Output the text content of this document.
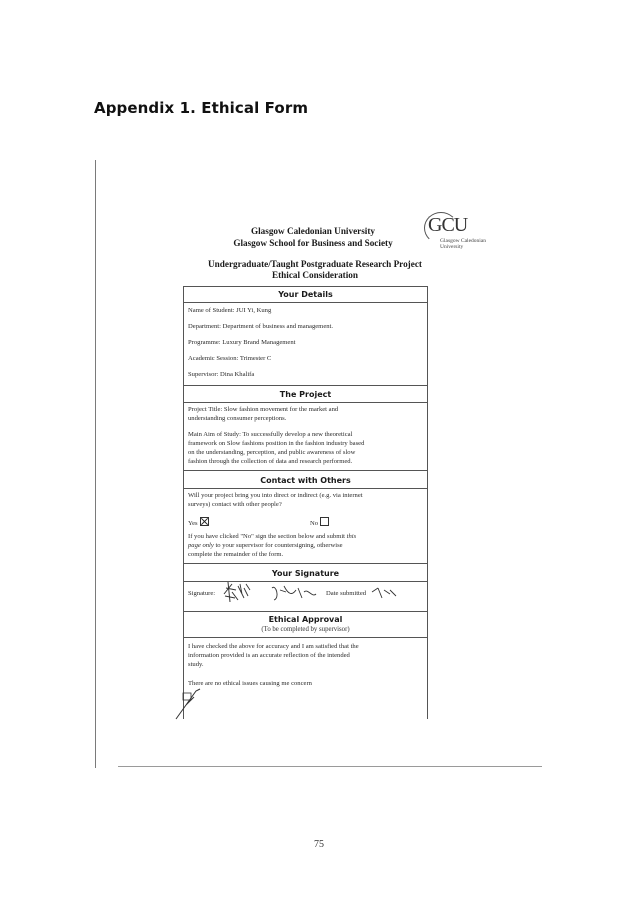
Appendix 1. Ethical Form
Glasgow Caledonian University
Glasgow School for Business and Society
GCU
Glasgow Caledonian
University
Undergraduate/Taught Postgraduate Research Project
Ethical Consideration
Your Details
Name of Student: JUI Yi, Kung
Department: Department of business and management.
Programme: Luxury Brand Management
Academic Session: Trimester C
Supervisor: Dina Khalifa
The Project
Project Title: Slow fashion movement for the market and
understanding consumer perceptions.
Main Aim of Study: To successfully develop a new theoretical
framework on Slow fashions position in the fashion industry based
on the understanding, perception, and public awareness of slow
fashion through the collection of data and research performed.
Contact with Others
Will your project bring you into direct or indirect (e.g. via internet
surveys) contact with other people?
Yes	No
If you have clicked "No" sign the section below and submit this
page only to your supervisor for countersigning, otherwise
complete the remainder of the form.
Your Signature
Signature:	Date submitted
Ethical Approval
(To be completed by supervisor)
I have checked the above for accuracy and I am satisfied that the
information provided is an accurate reflection of the intended
study.
There are no ethical issues causing me concern
75
